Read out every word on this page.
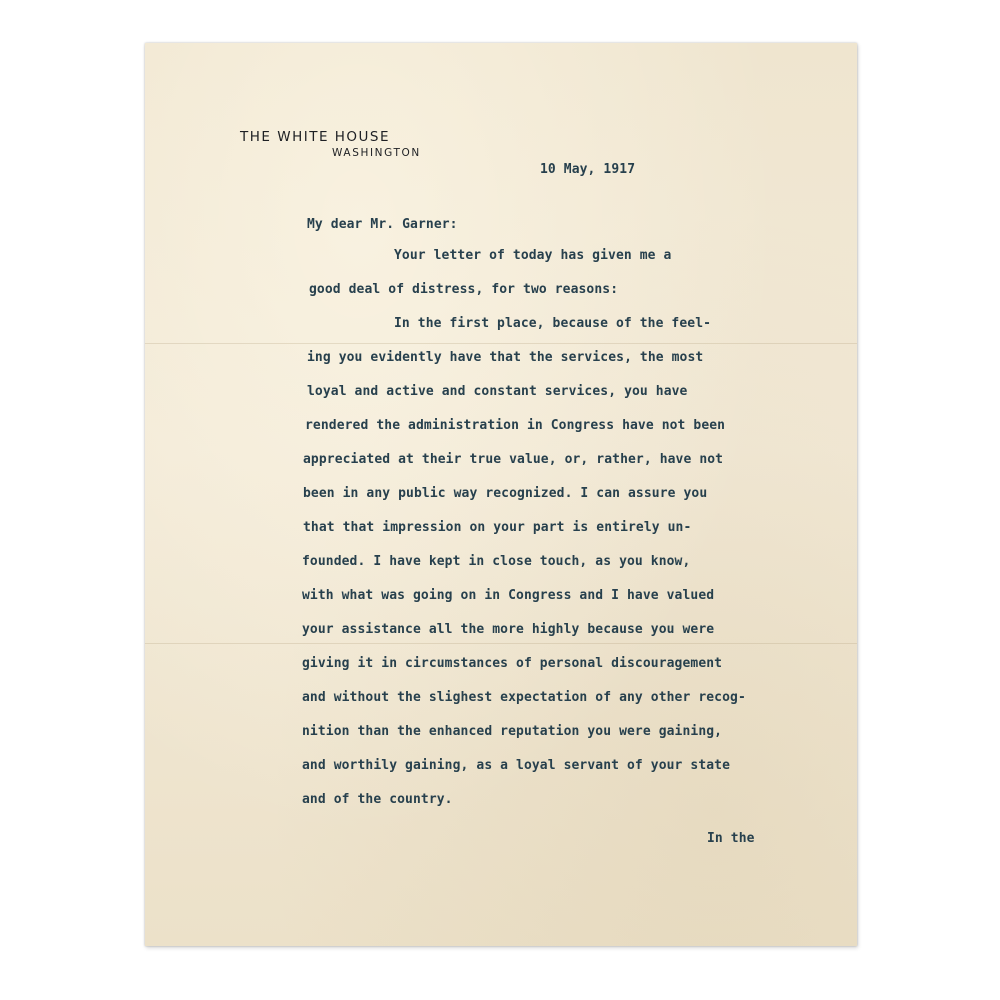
THE WHITE HOUSE
WASHINGTON
10 May, 1917
My dear Mr. Garner:
Your letter of today has given me a
good deal of distress, for two reasons:
In the first place, because of the feel-
ing you evidently have that the services, the most
loyal and active and constant services, you have
rendered the administration in Congress have not been
appreciated at their true value, or, rather, have not
been in any public way recognized. I can assure you
that that impression on your part is entirely un-
founded. I have kept in close touch, as you know,
with what was going on in Congress and I have valued
your assistance all the more highly because you were
giving it in circumstances of personal discouragement
and without the slighest expectation of any other recog-
nition than the enhanced reputation you were gaining,
and worthily gaining, as a loyal servant of your state
and of the country.
In the
